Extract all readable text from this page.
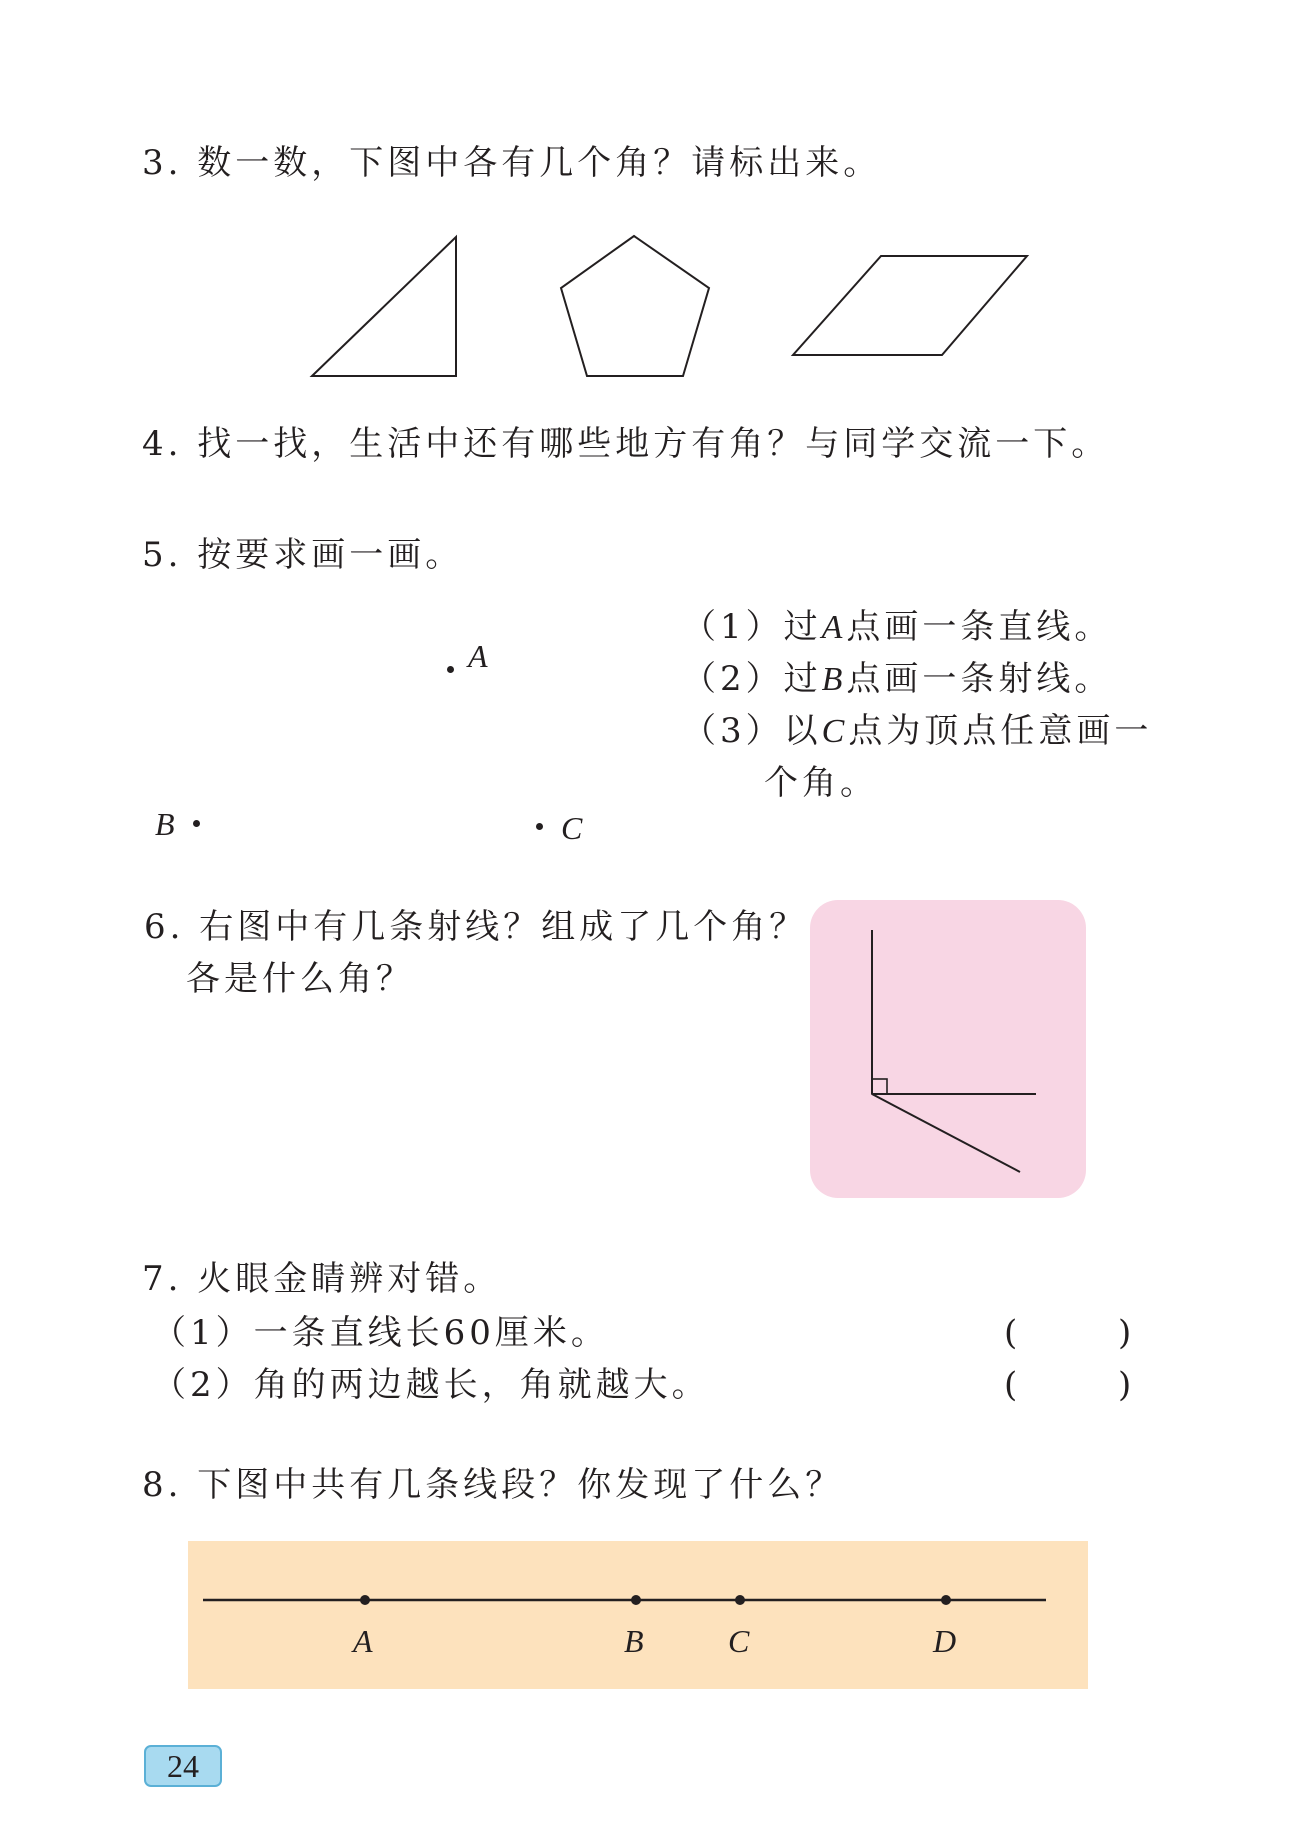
3. 数一数，下图中各有几个角？请标出来。
4. 找一找，生活中还有哪些地方有角？与同学交流一下。
5. 按要求画一画。
A
B	C
（1）过A点画一条直线。
（2）过B点画一条射线。
（3）以C点为顶点任意画一
个角。
6. 右图中有几条射线？组成了几个角？
各是什么角？
7. 火眼金睛辨对错。
（1）一条直线长60厘米。	(	)
（2）角的两边越长，角就越大。	(	)
8. 下图中共有几条线段？你发现了什么？
A	B	C	D
24
